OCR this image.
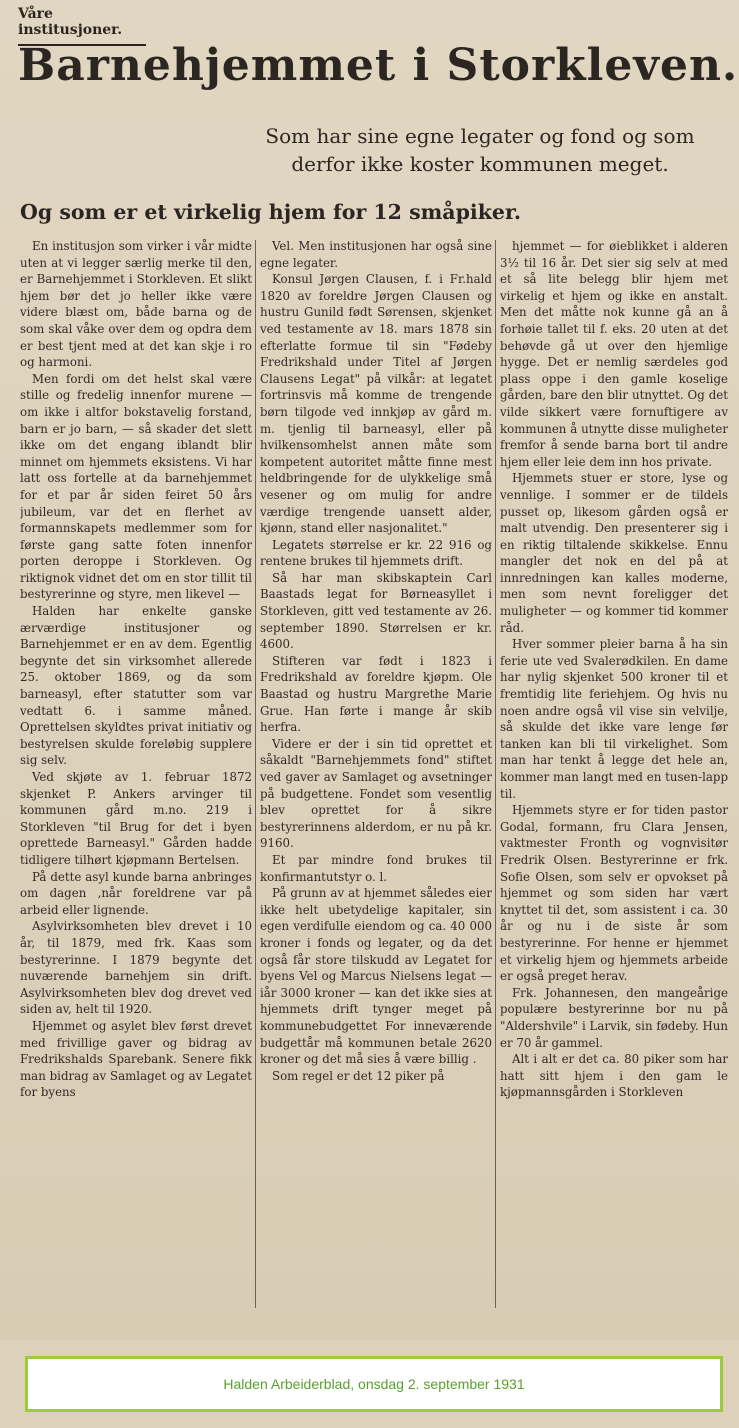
Våre institusjoner.
Barnehjemmet i Storkleven.
Som har sine egne legater og fond og som
derfor ikke koster kommunen meget.
Og som er et virkelig hjem for 12 småpiker.

En institusjon som virker i vår midte uten at vi legger særlig merke til den, er Barnehjemmet i Storkleven. Et slikt hjem bør det jo heller ikke være videre blæst om, både barna og de som skal våke over dem og opdra dem er best tjent med at det kan skje i ro og harmoni.

Men fordi om det helst skal være stille og fredelig innenfor murene — om ikke i altfor bokstavelig forstand, barn er jo barn, — så skader det slett ikke om det engang iblandt blir minnet om hjemmets eksistens. Vi har latt oss fortelle at da barnehjemmet for et par år siden feiret 50 års jubileum, var det en flerhet av formannskapets medlemmer som for første gang satte foten innenfor porten deroppe i Storkleven. Og riktignok vidnet det om en stor tillit til bestyrerinne og styre, men likevel —

Halden har enkelte ganske ærværdige institusjoner og Barnehjemmet er en av dem. Egentlig begynte det sin virksomhet allerede 25. oktober 1869, og da som barneasyl, efter statutter som var vedtatt 6. i samme måned. Oprettelsen skyldtes privat initiativ og bestyrelsen skulde foreløbig supplere sig selv.

Ved skjøte av 1. februar 1872 skjenket P. Ankers arvinger til kommunen gård m.no. 219 i Storkleven "til Brug for det i byen oprettede Barneasyl." Gården hadde tidligere tilhørt kjøpmann Bertelsen.

På dette asyl kunde barna anbringes om dagen ,når foreldrene var på arbeid eller lignende.

Asylvirksomheten blev drevet i 10 år, til 1879, med frk. Kaas som bestyrerinne. I 1879 begynte det nuværende barnehjem sin drift. Asylvirksomheten blev dog drevet ved siden av, helt til 1920.

Hjemmet og asylet blev først drevet med frivillige gaver og bidrag av Fredrikshalds Sparebank. Senere fikk man bidrag av Samlaget og av Legatet for byens

Vel. Men institusjonen har også sine egne legater.

Konsul Jørgen Clausen, f. i Fr.hald 1820 av foreldre Jørgen Clausen og hustru Gunild født Sørensen, skjenket ved testamente av 18. mars 1878 sin efterlatte formue til sin "Fødeby Fredrikshald under Titel af Jørgen Clausens Legat" på vilkår: at legatet fortrinsvis må komme de trengende børn tilgode ved innkjøp av gård m. m. tjenlig til barneasyl, eller på hvilkensomhelst annen måte som kompetent autoritet måtte finne mest heldbringende for de ulykkelige små vesener og om mulig for andre værdige trengende uansett alder, kjønn, stand eller nasjonalitet."

Legatets størrelse er kr. 22 916 og rentene brukes til hjemmets drift.

Så har man skibskaptein Carl Baastads legat for Børneasyllet i Storkleven, gitt ved testamente av 26. september 1890. Størrelsen er kr. 4600.

Stifteren var født i 1823 i Fredrikshald av foreldre kjøpm. Ole Baastad og hustru Margrethe Marie Grue. Han førte i mange år skib herfra.

Videre er der i sin tid oprettet et såkaldt "Barnehjemmets fond" stiftet ved gaver av Samlaget og avsetninger på budgettene. Fondet som vesentlig blev oprettet for å sikre bestyrerinnens alderdom, er nu på kr. 9160.

Et par mindre fond brukes til konfirmantutstyr o. l.

På grunn av at hjemmet således eier ikke helt ubetydelige kapitaler, sin egen verdifulle eiendom og ca. 40 000 kroner i fonds og legater, og da det også får store tilskudd av Legatet for byens Vel og Marcus Nielsens legat — iår 3000 kroner — kan det ikke sies at hjemmets drift tynger meget på kommunebudgettet For inneværende budgettår må kommunen betale 2620 kroner og det må sies å være billig .

Som regel er det 12 piker på

hjemmet — for øieblikket i alderen 3½ til 16 år. Det sier sig selv at med et så lite belegg blir hjem met virkelig et hjem og ikke en anstalt. Men det måtte nok kunne gå an å forhøie tallet til f. eks. 20 uten at det behøvde gå ut over den hjemlige hygge. Det er nemlig særdeles god plass oppe i den gamle koselige gården, bare den blir utnyttet. Og det vilde sikkert være fornuftigere av kommunen å utnytte disse muligheter fremfor å sende barna bort til andre hjem eller leie dem inn hos private.

Hjemmets stuer er store, lyse og vennlige. I sommer er de tildels pusset op, likesom gården også er malt utvendig. Den presenterer sig i en riktig tiltalende skikkelse. Ennu mangler det nok en del på at innredningen kan kalles moderne, men som nevnt foreligger det muligheter — og kommer tid kommer råd.

Hver sommer pleier barna å ha sin ferie ute ved Svalerødkilen. En dame har nylig skjenket 500 kroner til et fremtidig lite feriehjem. Og hvis nu noen andre også vil vise sin velvilje, så skulde det ikke vare lenge før tanken kan bli til virkelighet. Som man har tenkt å legge det hele an, kommer man langt med en tusen-lapp til.

Hjemmets styre er for tiden pastor Godal, formann, fru Clara Jensen, vaktmester Fronth og vognvisitør Fredrik Olsen. Bestyrerinne er frk. Sofie Olsen, som selv er opvokset på hjemmet og som siden har vært knyttet til det, som assistent i ca. 30 år og nu i de siste år som bestyrerinne. For henne er hjemmet et virkelig hjem og hjemmets arbeide er også preget herav.

Frk. Johannesen, den mangeårige populære bestyrerinne bor nu på "Aldershvile" i Larvik, sin fødeby. Hun er 70 år gammel.

Alt i alt er det ca. 80 piker som har hatt sitt hjem i den gam le kjøpmannsgården i Storkleven

Halden Arbeiderblad, onsdag 2. september 1931
